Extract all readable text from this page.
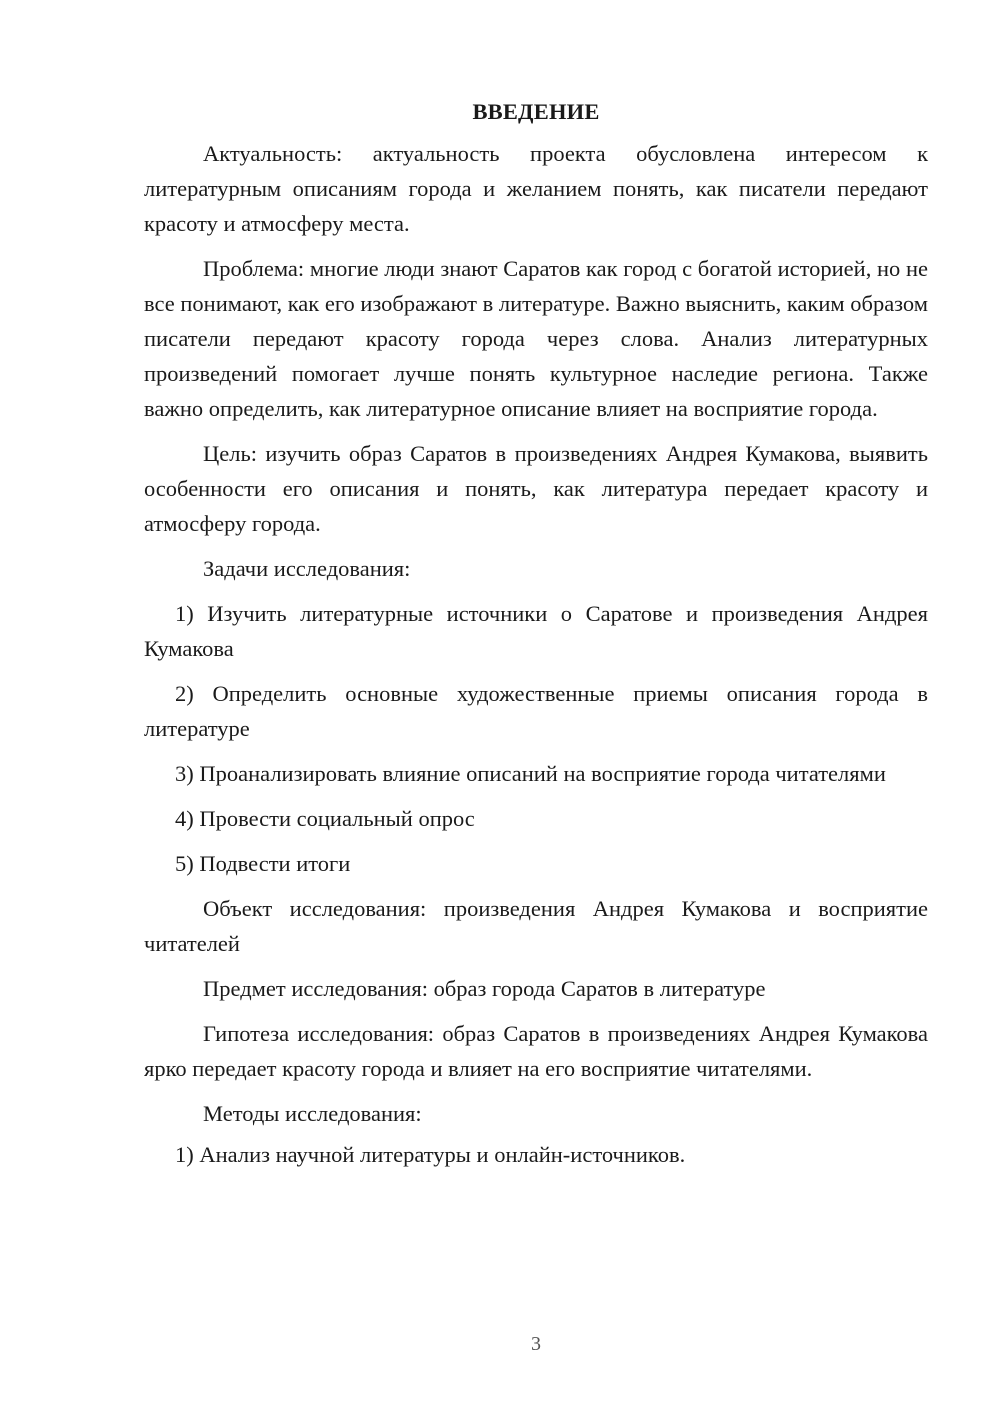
ВВЕДЕНИЕ

Актуальность: актуальность проекта обусловлена интересом к литературным описаниям города и желанием понять, как писатели передают красоту и атмосферу места.

Проблема: многие люди знают Саратов как город с богатой историей, но не все понимают, как его изображают в литературе. Важно выяснить, каким образом писатели передают красоту города через слова. Анализ литературных произведений помогает лучше понять культурное наследие региона. Также важно определить, как литературное описание влияет на восприятие города.

Цель: изучить образ Саратов в произведениях Андрея Кумакова, выявить особенности его описания и понять, как литература передает красоту и атмосферу города.

Задачи исследования:

1) Изучить литературные источники о Саратове и произведения Андрея Кумакова

2) Определить основные художественные приемы описания города в литературе

3) Проанализировать влияние описаний на восприятие города читателями

4) Провести социальный опрос

5) Подвести итоги

Объект исследования: произведения Андрея Кумакова и восприятие читателей

Предмет исследования: образ города Саратов в литературе

Гипотеза исследования: образ Саратов в произведениях Андрея Кумакова ярко передает красоту города и влияет на его восприятие читателями.

Методы исследования:

1) Анализ научной литературы и онлайн-источников.

3
